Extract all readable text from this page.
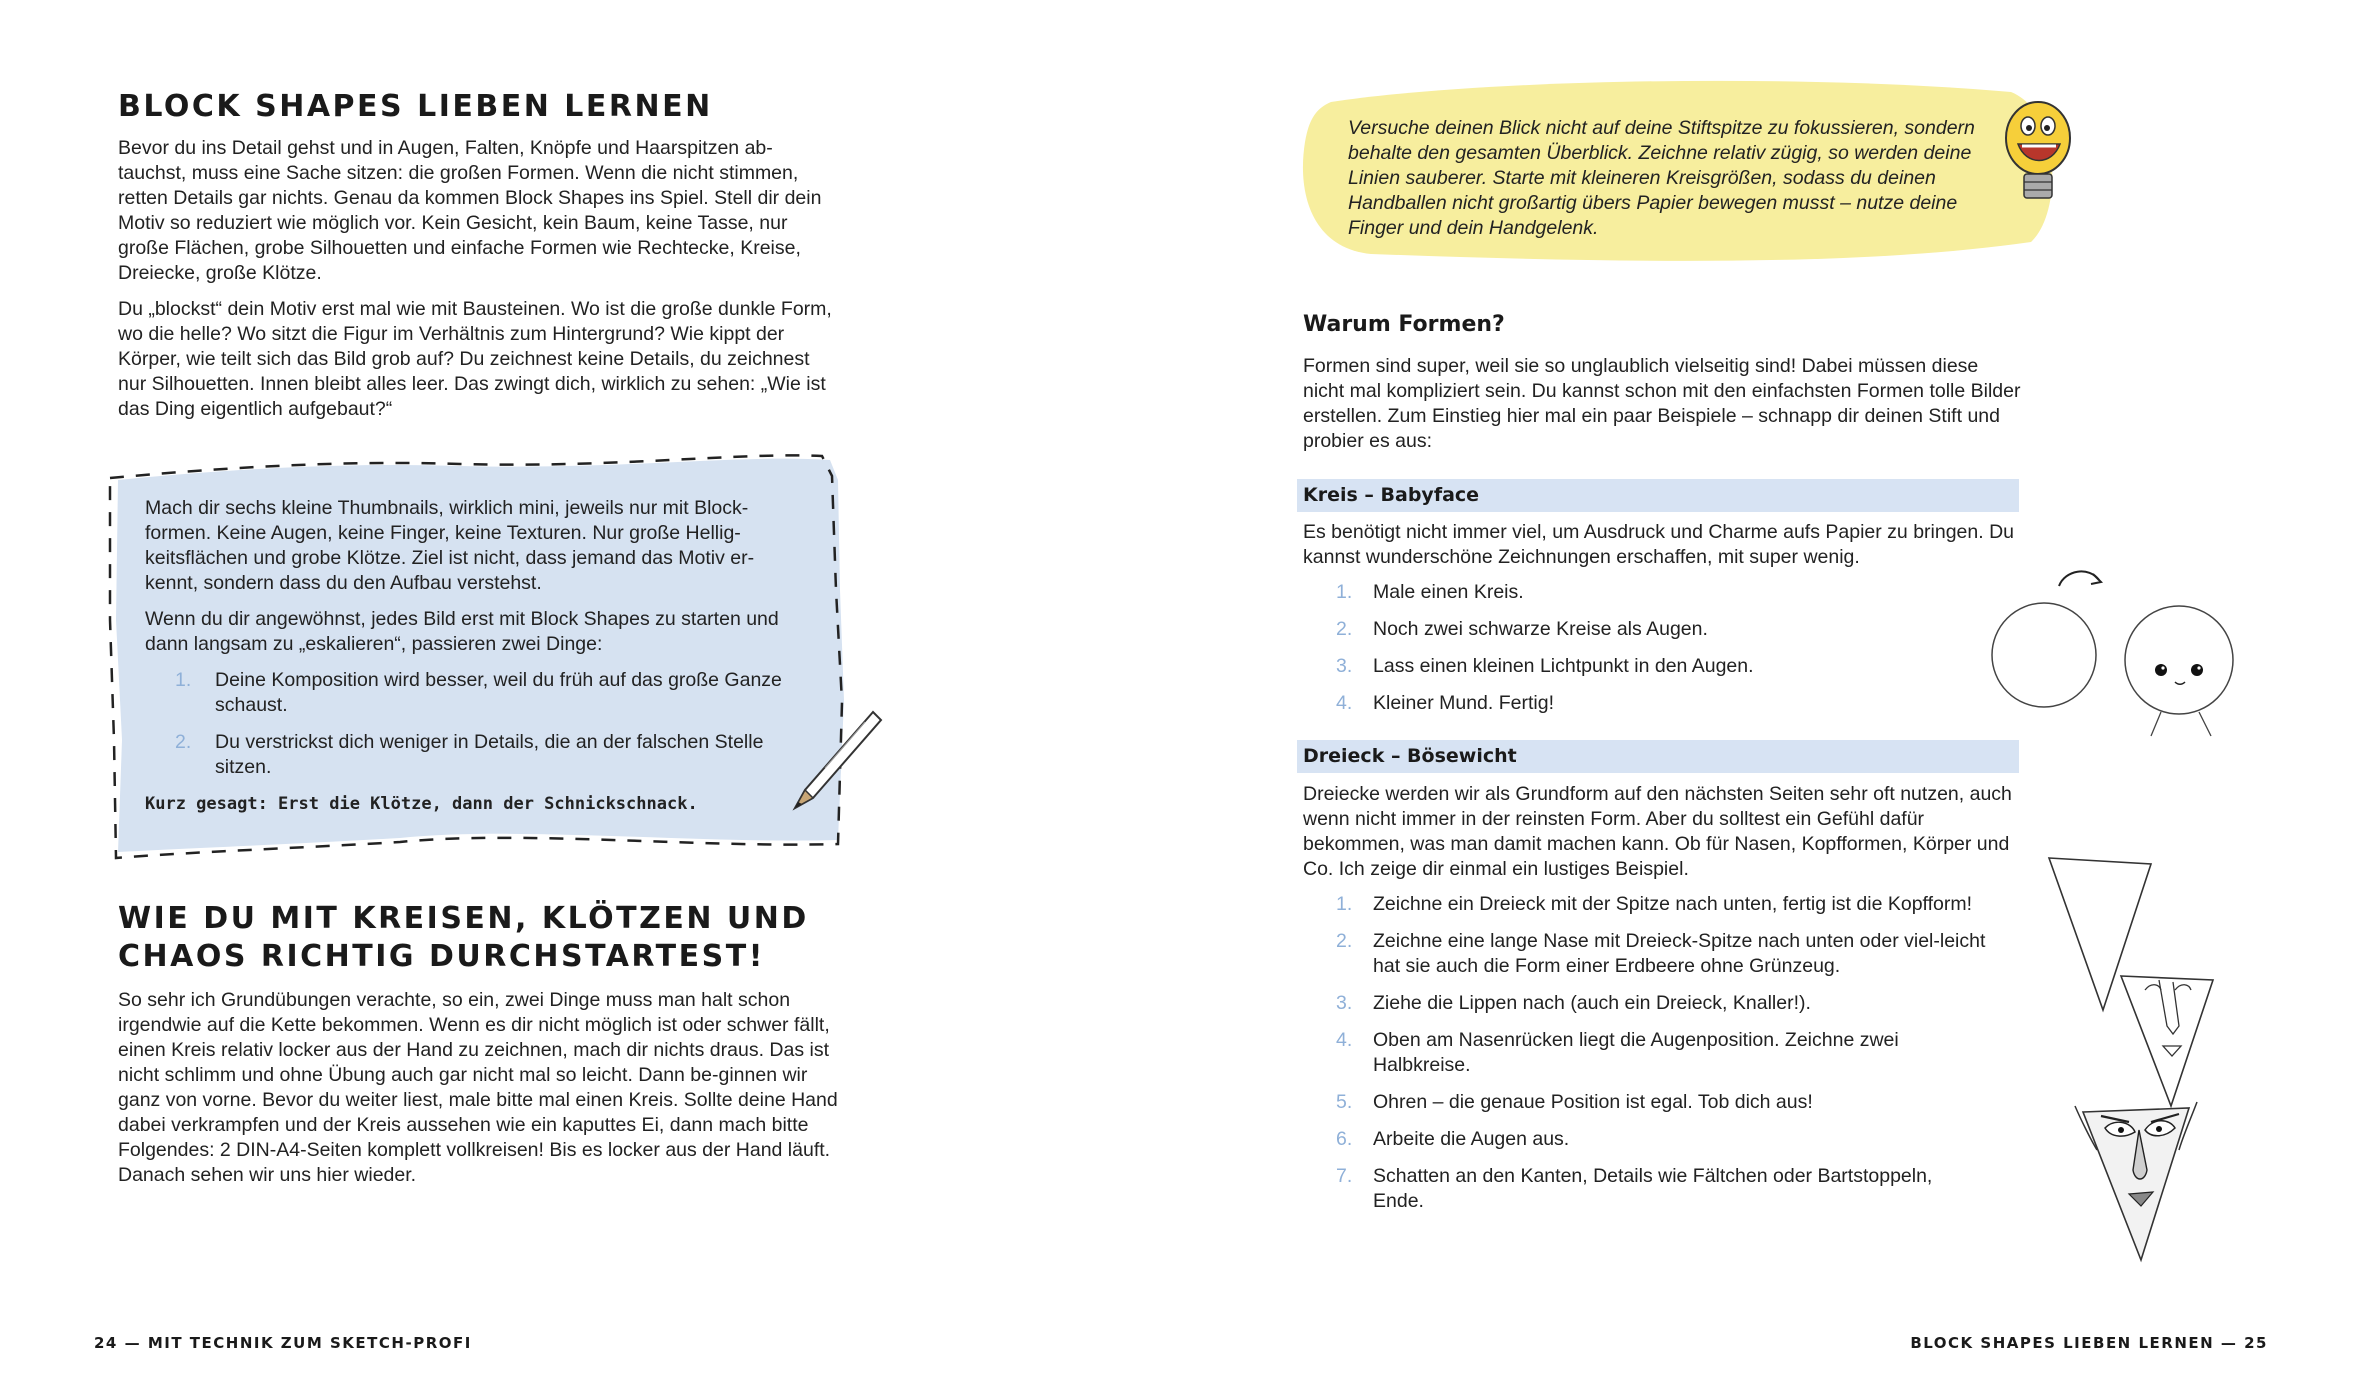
BLOCK SHAPES LIEBEN LERNEN

Bevor du ins Detail gehst und in Augen, Falten, Knöpfe und Haarspitzen ab-tauchst, muss eine Sache sitzen: die großen Formen. Wenn die nicht stimmen, retten Details gar nichts. Genau da kommen Block Shapes ins Spiel. Stell dir dein Motiv so reduziert wie möglich vor. Kein Gesicht, kein Baum, keine Tasse, nur große Flächen, grobe Silhouetten und einfache Formen wie Rechtecke, Kreise, Dreiecke, große Klötze.

Du „blockst“ dein Motiv erst mal wie mit Bausteinen. Wo ist die große dunkle Form, wo die helle? Wo sitzt die Figur im Verhältnis zum Hintergrund? Wie kippt der Körper, wie teilt sich das Bild grob auf? Du zeichnest keine Details, du zeichnest nur Silhouetten. Innen bleibt alles leer. Das zwingt dich, wirklich zu sehen: „Wie ist das Ding eigentlich aufgebaut?“

Mach dir sechs kleine Thumbnails, wirklich mini, jeweils nur mit Block-formen. Keine Augen, keine Finger, keine Texturen. Nur große Hellig-keitsflächen und grobe Klötze. Ziel ist nicht, dass jemand das Motiv er-kennt, sondern dass du den Aufbau verstehst.

Wenn du dir angewöhnst, jedes Bild erst mit Block Shapes zu starten und dann langsam zu „eskalieren“, passieren zwei Dinge:

1.	Deine Komposition wird besser, weil du früh auf das große Ganze schaust.
2.	Du verstrickst dich weniger in Details, die an der falschen Stelle sitzen.

Kurz gesagt: Erst die Klötze, dann der Schnickschnack.

WIE DU MIT KREISEN, KLÖTZEN UND
CHAOS RICHTIG DURCHSTARTEST!

So sehr ich Grundübungen verachte, so ein, zwei Dinge muss man halt schon irgendwie auf die Kette bekommen. Wenn es dir nicht möglich ist oder schwer fällt, einen Kreis relativ locker aus der Hand zu zeichnen, mach dir nichts draus. Das ist nicht schlimm und ohne Übung auch gar nicht mal so leicht. Dann be-ginnen wir ganz von vorne. Bevor du weiter liest, male bitte mal einen Kreis. Sollte deine Hand dabei verkrampfen und der Kreis aussehen wie ein kaputtes Ei, dann mach bitte Folgendes: 2 DIN-A4-Seiten komplett vollkreisen! Bis es locker aus der Hand läuft. Danach sehen wir uns hier wieder.

24 — MIT TECHNIK ZUM SKETCH-PROFI

Versuche deinen Blick nicht auf deine Stiftspitze zu fokussieren, sondern behalte den gesamten Überblick. Zeichne relativ zügig, so werden deine Linien sauberer. Starte mit kleineren Kreisgrößen, sodass du deinen Handballen nicht großartig übers Papier bewegen musst – nutze deine Finger und dein Handgelenk.

Warum Formen?

Formen sind super, weil sie so unglaublich vielseitig sind! Dabei müssen diese nicht mal kompliziert sein. Du kannst schon mit den einfachsten Formen tolle Bilder erstellen. Zum Einstieg hier mal ein paar Beispiele – schnapp dir deinen Stift und probier es aus:

Kreis – Babyface

Es benötigt nicht immer viel, um Ausdruck und Charme aufs Papier zu bringen. Du kannst wunderschöne Zeichnungen erschaffen, mit super wenig.

1.	Male einen Kreis.
2.	Noch zwei schwarze Kreise als Augen.
3.	Lass einen kleinen Lichtpunkt in den Augen.
4.	Kleiner Mund. Fertig!
Dreieck – Bösewicht

Dreiecke werden wir als Grundform auf den nächsten Seiten sehr oft nutzen, auch wenn nicht immer in der reinsten Form. Aber du solltest ein Gefühl dafür bekommen, was man damit machen kann. Ob für Nasen, Kopfformen, Körper und Co. Ich zeige dir einmal ein lustiges Beispiel.

1.	Zeichne ein Dreieck mit der Spitze nach unten, fertig ist die Kopfform!
2.	Zeichne eine lange Nase mit Dreieck-Spitze nach unten oder viel-leicht hat sie auch die Form einer Erdbeere ohne Grünzeug.
3.	Ziehe die Lippen nach (auch ein Dreieck, Knaller!).
4.	Oben am Nasenrücken liegt die Augenposition. Zeichne zwei Halbkreise.
5.	Ohren – die genaue Position ist egal. Tob dich aus!
6.	Arbeite die Augen aus.
7.	Schatten an den Kanten, Details wie Fältchen oder Bartstoppeln, Ende.
BLOCK SHAPES LIEBEN LERNEN — 25
